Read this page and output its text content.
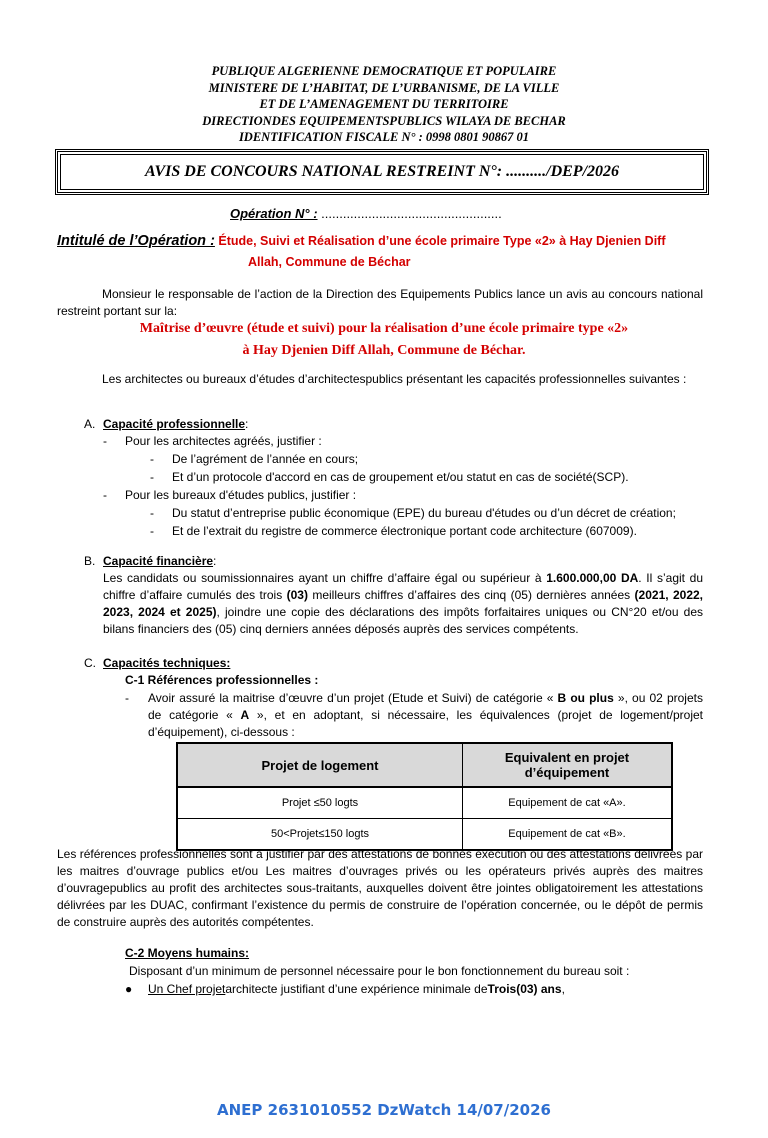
PUBLIQUE ALGERIENNE DEMOCRATIQUE ET POPULAIRE
MINISTERE DE L’HABITAT, DE L’URBANISME, DE LA VILLE
ET DE L’AMENAGEMENT DU TERRITOIRE
DIRECTIONDES EQUIPEMENTSPUBLICS WILAYA DE BECHAR
IDENTIFICATION FISCALE N° : 0998 0801 90867 01
AVIS DE CONCOURS NATIONAL RESTREINT N°: ........../DEP/2026
Opération N° : ..................................................
Intitulé de l’Opération : Étude, Suivi et Réalisation d’une école primaire Type «2» à Hay Djenien Diff
Allah, Commune de Béchar

Monsieur le responsable de l’action de la Direction des Equipements Publics lance un avis au concours national restreint portant sur la:

Maîtrise d’œuvre (étude et suivi) pour la réalisation d’une école primaire type «2»
à Hay Djenien Diff Allah, Commune de Béchar.

Les architectes ou bureaux d’études d’architectespublics présentant les capacités professionnelles suivantes :

A. Capacité professionnelle:
- Pour les architectes agréés, justifier :
- De l’agrément de l’année en cours;
- Et d’un protocole d'accord en cas de groupement et/ou statut en cas de société(SCP).
- Pour les bureaux d'études publics, justifier :
- Du statut d’entreprise public économique (EPE) du bureau d'études ou d’un décret de création;
- Et de l’extrait du registre de commerce électronique portant code architecture (607009).
B. Capacité financière:

Les candidats ou soumissionnaires ayant un chiffre d’affaire égal ou supérieur à 1.600.000,00 DA. Il s’agit du chiffre d’affaire cumulés des trois (03) meilleurs chiffres d’affaires des cinq (05) dernières années (2021, 2022, 2023, 2024 et 2025), joindre une copie des déclarations des impôts forfaitaires uniques ou CN°20 et/ou des bilans financiers des (05) cinq derniers années déposés auprès des services compétents.

C. Capacités techniques:
C-1 Références professionnelles :
- Avoir assuré la maitrise d’œuvre d’un projet (Etude et Suivi) de catégorie « B ou plus », ou 02 projets de catégorie « A », et en adoptant, si nécessaire, les équivalences (projet de logement/projet d’équipement), ci-dessous :

Projet de logement	Equivalent en projet d’équipement
Projet ≤50 logts	Equipement de cat «A».
50<Projet≤150 logts	Equipement de cat «B».

Les références professionnelles sont à justifier par des attestations de bonnes exécution ou des attestations délivrées par les maitres d’ouvrage publics et/ou Les maitres d’ouvrages privés ou les opérateurs privés auprès des maitres d’ouvragepublics au profit des architectes sous-traitants, auxquelles doivent être jointes obligatoirement les attestations délivrées par les DUAC, confirmant l’existence du permis de construire de l’opération concernée, ou le dépôt de permis de construire auprès des autorités compétentes.

C-2 Moyens humains:
Disposant d’un minimum de personnel nécessaire pour le bon fonctionnement du bureau soit :
● Un Chef projetarchitecte justifiant d’une expérience minimale deTrois(03) ans,
ANEP 2631010552 DzWatch 14/07/2026
